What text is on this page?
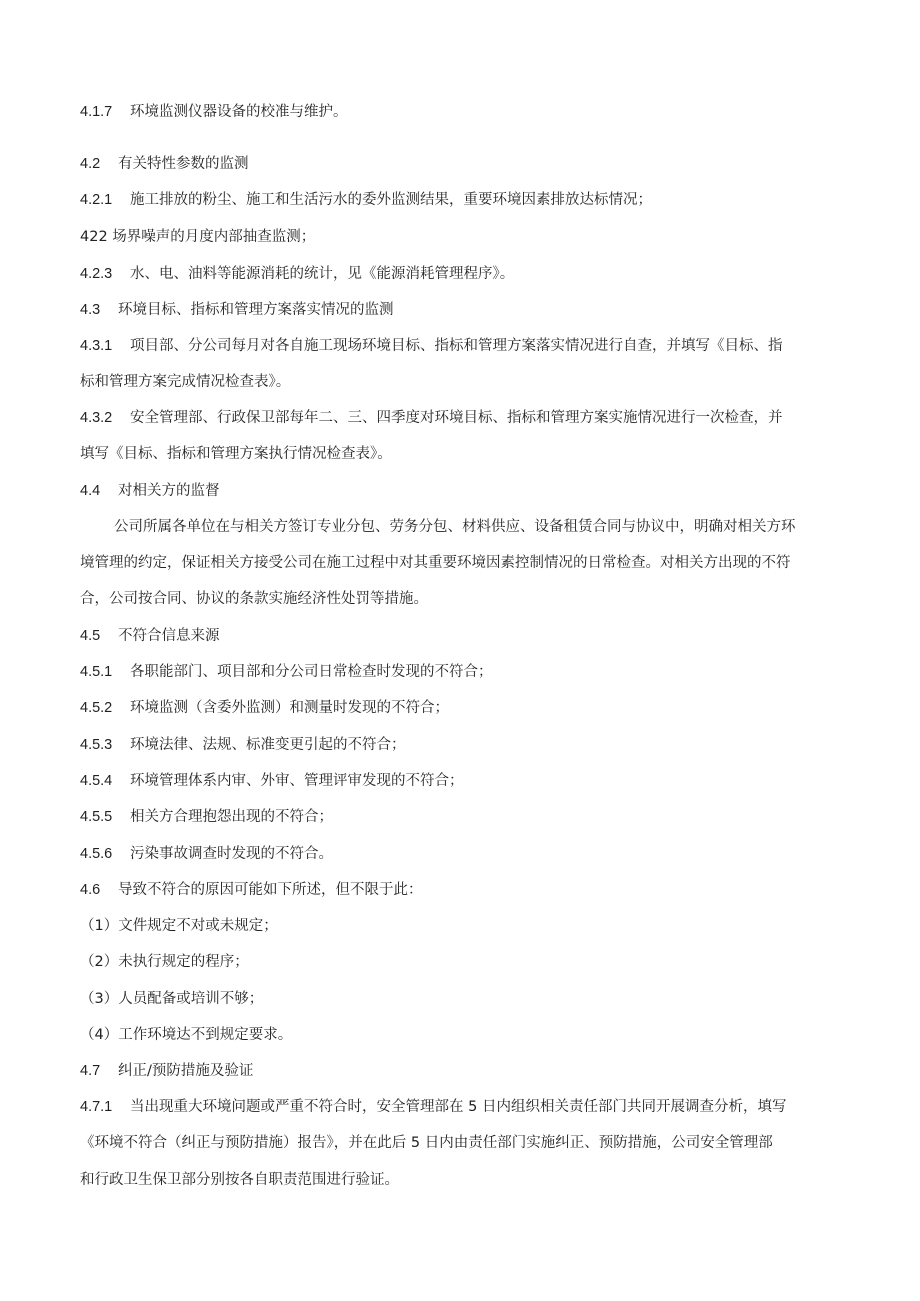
4.1.7 环境监测仪器设备的校准与维护。
4.2 有关特性参数的监测
4.2.1 施工排放的粉尘、施工和生活污水的委外监测结果，重要环境因素排放达标情况；
422 场界噪声的月度内部抽查监测；
4.2.3 水、电、油料等能源消耗的统计，见《能源消耗管理程序》。
4.3 环境目标、指标和管理方案落实情况的监测
4.3.1 项目部、分公司每月对各自施工现场环境目标、指标和管理方案落实情况进行自查，并填写《目标、指
标和管理方案完成情况检查表》。
4.3.2 安全管理部、行政保卫部每年二、三、四季度对环境目标、指标和管理方案实施情况进行一次检查，并
填写《目标、指标和管理方案执行情况检查表》。
4.4 对相关方的监督
公司所属各单位在与相关方签订专业分包、劳务分包、材料供应、设备租赁合同与协议中，明确对相关方环
境管理的约定，保证相关方接受公司在施工过程中对其重要环境因素控制情况的日常检查。对相关方出现的不符
合，公司按合同、协议的条款实施经济性处罚等措施。
4.5 不符合信息来源
4.5.1 各职能部门、项目部和分公司日常检查时发现的不符合；
4.5.2 环境监测（含委外监测）和测量时发现的不符合；
4.5.3 环境法律、法规、标准变更引起的不符合；
4.5.4 环境管理体系内审、外审、管理评审发现的不符合；
4.5.5 相关方合理抱怨出现的不符合；
4.5.6 污染事故调查时发现的不符合。
4.6 导致不符合的原因可能如下所述，但不限于此：
（1）文件规定不对或未规定；
（2）未执行规定的程序；
（3）人员配备或培训不够；
（4）工作环境达不到规定要求。
4.7 纠正/预防措施及验证
4.7.1 当出现重大环境问题或严重不符合时，安全管理部在 5 日内组织相关责任部门共同开展调查分析，填写
《环境不符合（纠正与预防措施）报告》，并在此后 5 日内由责任部门实施纠正、预防措施，公司安全管理部
和行政卫生保卫部分别按各自职责范围进行验证。
